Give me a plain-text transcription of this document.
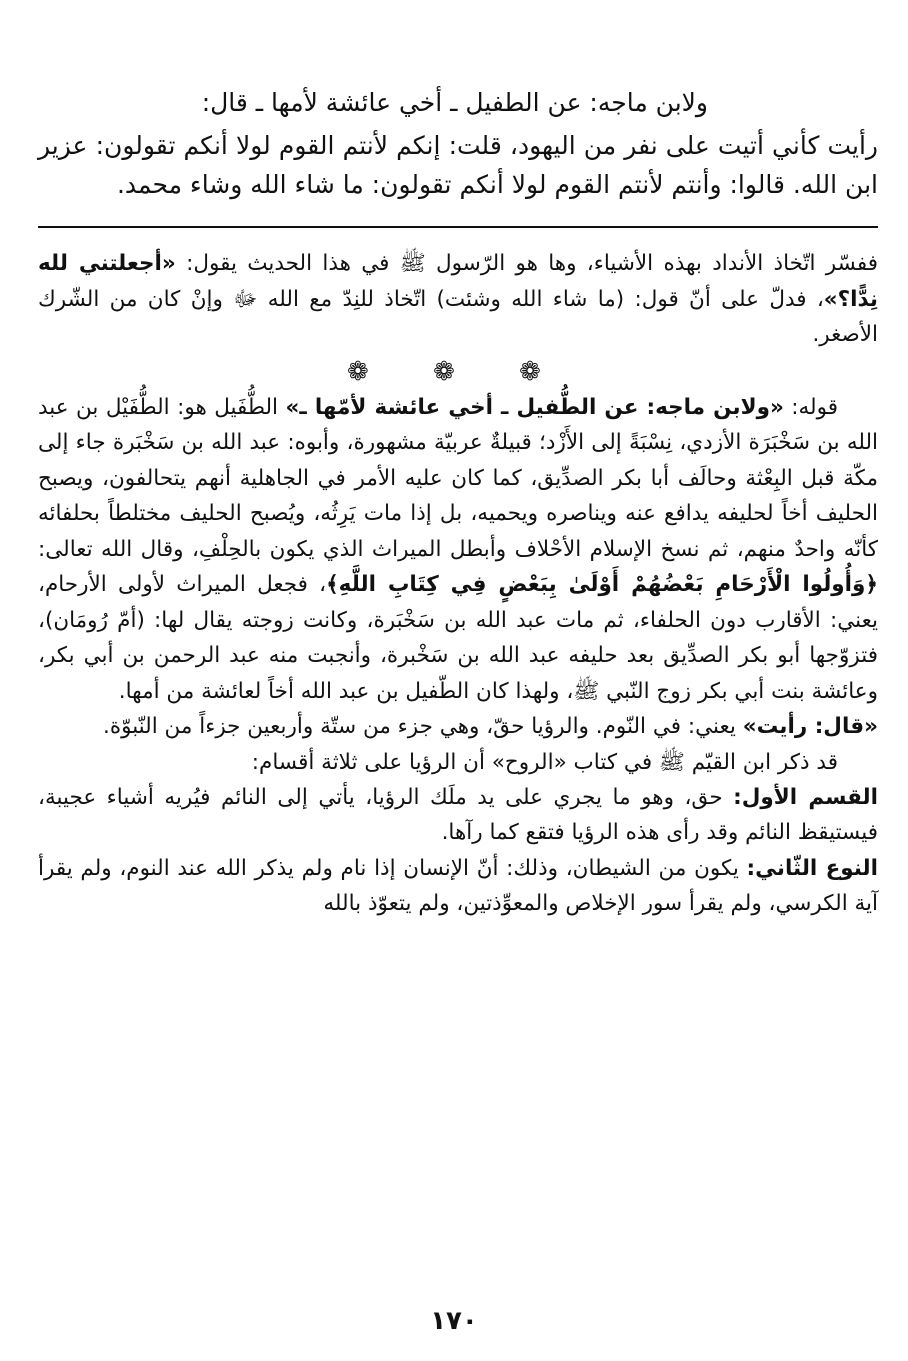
ولابن ماجه: عن الطفيل ـ أخي عائشة لأمها ـ قال:

رأيت كأني أتيت على نفر من اليهود، قلت: إنكم لأنتم القوم لولا أنكم تقولون: عزير ابن الله. قالوا: وأنتم لأنتم القوم لولا أنكم تقولون: ما شاء الله وشاء محمد.

ففسّر اتّخاذ الأنداد بهذه الأشياء، وها هو الرّسول ﷺ في هذا الحديث يقول: «أجعلتني لله نِدًّا؟»، فدلّ على أنّ قول: (ما شاء الله وشئت) اتّخاذ للنِدّ مع الله ﷻ وإنْ كان من الشّرك الأصغر.

❁ ❁ ❁

قوله: «ولابن ماجه: عن الطُّفيل ـ أخي عائشة لأمّها ـ» الطُّفَيل هو: الطُّفَيْل بن عبد الله بن سَخْبَرَة الأزدي، نِسْبَةً إلى الأَزْد؛ قبيلةٌ عربيّة مشهورة، وأبوه: عبد الله بن سَخْبَرة جاء إلى مكّة قبل البِعْثة وحالَف أبا بكر الصدِّيق، كما كان عليه الأمر في الجاهلية أنهم يتحالفون، ويصبح الحليف أخاً لحليفه يدافع عنه ويناصره ويحميه، بل إذا مات يَرِثُه، ويُصبح الحليف مختلطاً بحلفائه كأنّه واحدٌ منهم، ثم نسخ الإسلام الأحْلاف وأبطل الميراث الذي يكون بالحِلْفِ، وقال الله تعالى: ﴿وَأُولُوا الْأَرْحَامِ بَعْضُهُمْ أَوْلَىٰ بِبَعْضٍ فِي كِتَابِ اللَّهِ﴾، فجعل الميراث لأولى الأرحام، يعني: الأقارب دون الحلفاء، ثم مات عبد الله بن سَخْبَرة، وكانت زوجته يقال لها: (أمّ رُومَان)، فتزوّجها أبو بكر الصدِّيق بعد حليفه عبد الله بن سَخْبرة، وأنجبت منه عبد الرحمن بن أبي بكر، وعائشة بنت أبي بكر زوج النّبي ﷺ، ولهذا كان الطّفيل بن عبد الله أخاً لعائشة من أمها.

«قال: رأيت» يعني: في النّوم. والرؤيا حقّ، وهي جزء من ستّة وأربعين جزءاً من النّبوّة.

قد ذكر ابن القيّم ﷺ في كتاب «الروح» أن الرؤيا على ثلاثة أقسام:

القسم الأول: حق، وهو ما يجري على يد ملَك الرؤيا، يأتي إلى النائم فيُريه أشياء عجيبة، فيستيقظ النائم وقد رأى هذه الرؤيا فتقع كما رآها.

النوع الثّاني: يكون من الشيطان، وذلك: أنّ الإنسان إذا نام ولم يذكر الله عند النوم، ولم يقرأ آية الكرسي، ولم يقرأ سور الإخلاص والمعوِّذتين، ولم يتعوّذ بالله

١٧٠
